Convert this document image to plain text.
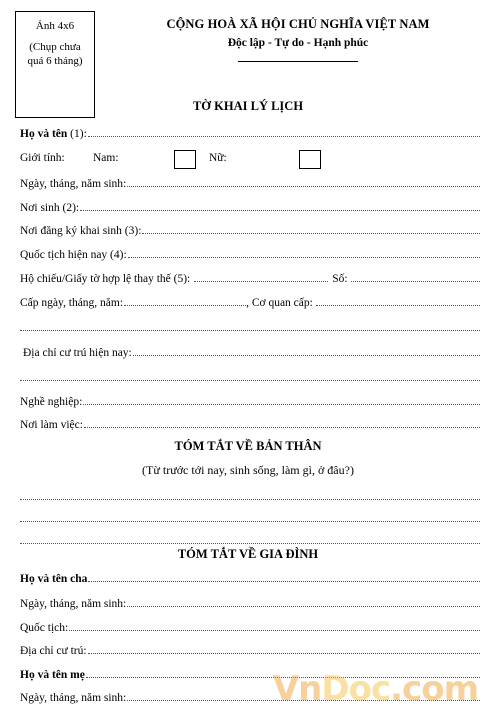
Ảnh 4x6
(Chụp chưa quá 6 tháng)
CỘNG HOÀ XÃ HỘI CHỦ NGHĨA VIỆT NAM
Độc lập - Tự do - Hạnh phúc
TỜ KHAI LÝ LỊCH
Họ và tên (1):
Giới tính: Nam:	Nữ:
Ngày, tháng, năm sinh:
Nơi sinh (2):
Nơi đăng ký khai sinh (3):
Quốc tịch hiện nay (4):
Hộ chiếu/Giấy tờ hợp lệ thay thế (5):	Số:
Cấp ngày, tháng, năm:	, Cơ quan cấp:
Địa chỉ cư trú hiện nay:
Nghề nghiệp:
Nơi làm việc:
TÓM TẮT VỀ BẢN THÂN
(Từ trước tới nay, sinh sống, làm gì, ở đâu?)
TÓM TẮT VỀ GIA ĐÌNH
Họ và tên cha
Ngày, tháng, năm sinh:
Quốc tịch:
Địa chỉ cư trú:
Họ và tên mẹ
Ngày, tháng, năm sinh:	VnDoc.com
